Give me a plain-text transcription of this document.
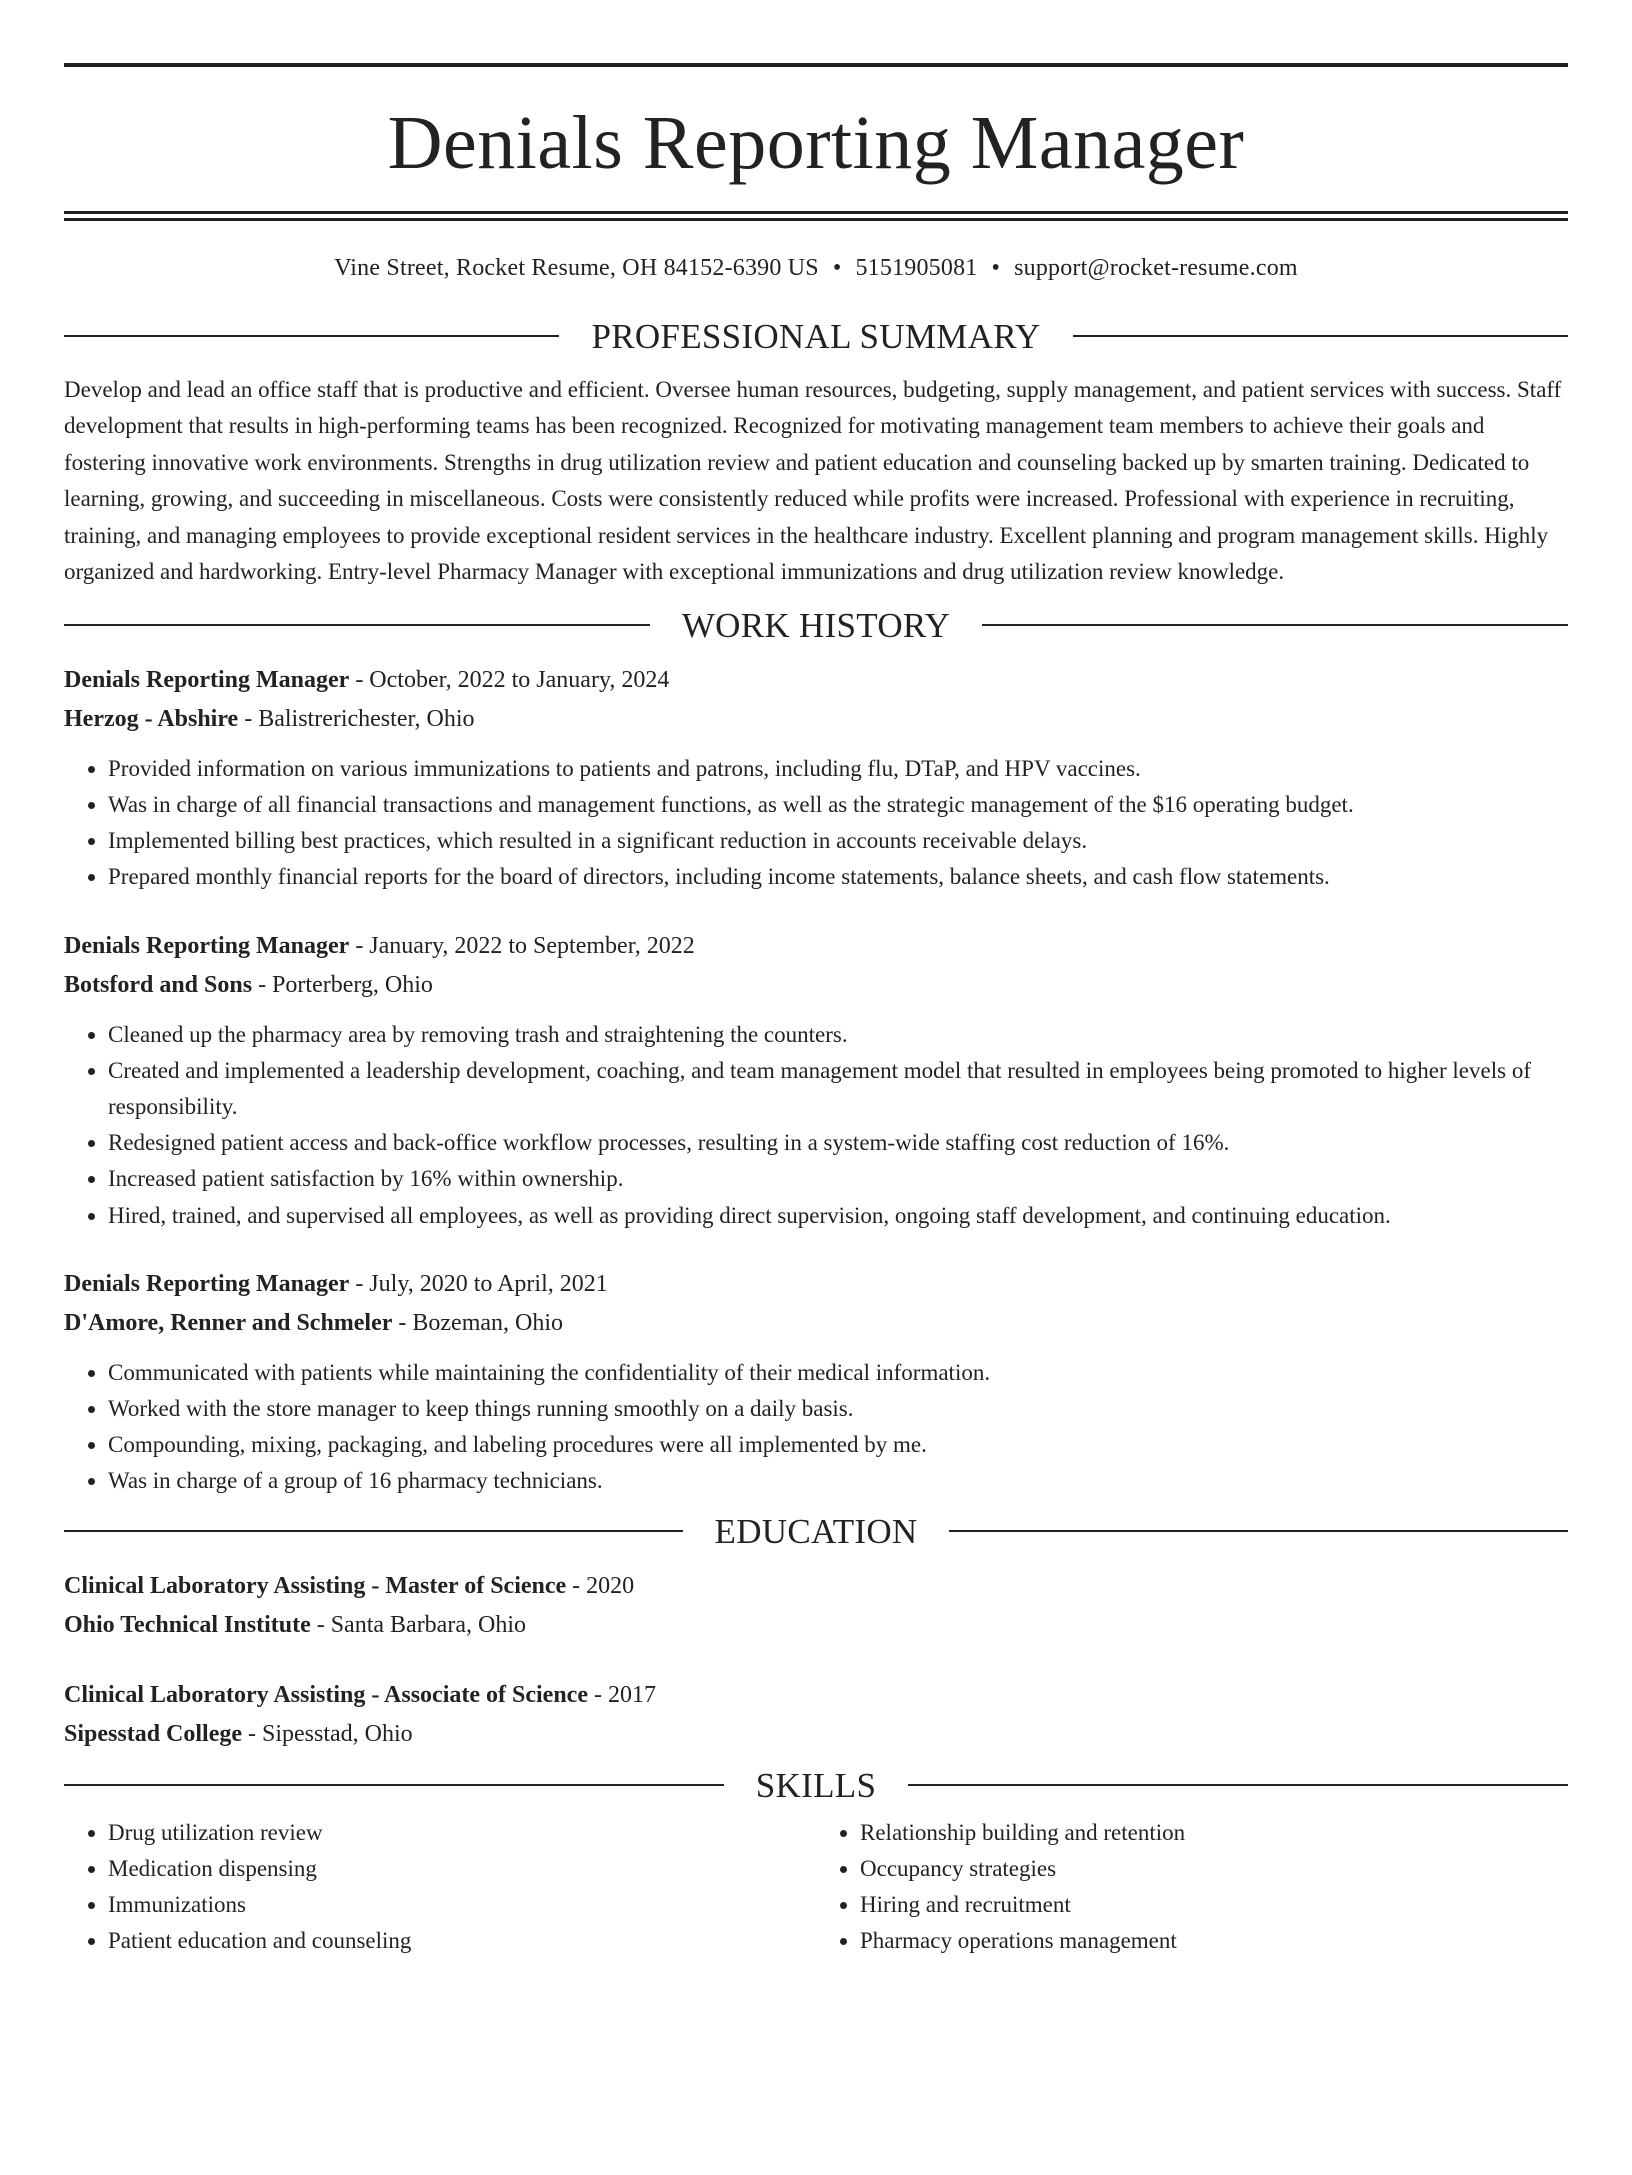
Denials Reporting Manager
Vine Street, Rocket Resume, OH 84152-6390 US • 5151905081 • support@rocket-resume.com
PROFESSIONAL SUMMARY

Develop and lead an office staff that is productive and efficient. Oversee human resources, budgeting, supply management, and patient services with success. Staff development that results in high-performing teams has been recognized. Recognized for motivating management team members to achieve their goals and fostering innovative work environments. Strengths in drug utilization review and patient education and counseling backed up by smarten training. Dedicated to learning, growing, and succeeding in miscellaneous. Costs were consistently reduced while profits were increased. Professional with experience in recruiting, training, and managing employees to provide exceptional resident services in the healthcare industry. Excellent planning and program management skills. Highly organized and hardworking. Entry-level Pharmacy Manager with exceptional immunizations and drug utilization review knowledge.

WORK HISTORY
Denials Reporting Manager - October, 2022 to January, 2024
Herzog - Abshire - Balistrerichester, Ohio
• Provided information on various immunizations to patients and patrons, including flu, DTaP, and HPV vaccines.
• Was in charge of all financial transactions and management functions, as well as the strategic management of the $16 operating budget.
• Implemented billing best practices, which resulted in a significant reduction in accounts receivable delays.
• Prepared monthly financial reports for the board of directors, including income statements, balance sheets, and cash flow statements.
Denials Reporting Manager - January, 2022 to September, 2022
Botsford and Sons - Porterberg, Ohio
• Cleaned up the pharmacy area by removing trash and straightening the counters.
• Created and implemented a leadership development, coaching, and team management model that resulted in employees being promoted to higher levels of responsibility.
• Redesigned patient access and back-office workflow processes, resulting in a system-wide staffing cost reduction of 16%.
• Increased patient satisfaction by 16% within ownership.
• Hired, trained, and supervised all employees, as well as providing direct supervision, ongoing staff development, and continuing education.
Denials Reporting Manager - July, 2020 to April, 2021
D'Amore, Renner and Schmeler - Bozeman, Ohio
• Communicated with patients while maintaining the confidentiality of their medical information.
• Worked with the store manager to keep things running smoothly on a daily basis.
• Compounding, mixing, packaging, and labeling procedures were all implemented by me.
• Was in charge of a group of 16 pharmacy technicians.
EDUCATION
Clinical Laboratory Assisting - Master of Science - 2020
Ohio Technical Institute - Santa Barbara, Ohio
Clinical Laboratory Assisting - Associate of Science - 2017
Sipesstad College - Sipesstad, Ohio
SKILLS
• Drug utilization review
• Medication dispensing
• Immunizations
• Patient education and counseling
• Relationship building and retention
• Occupancy strategies
• Hiring and recruitment
• Pharmacy operations management
